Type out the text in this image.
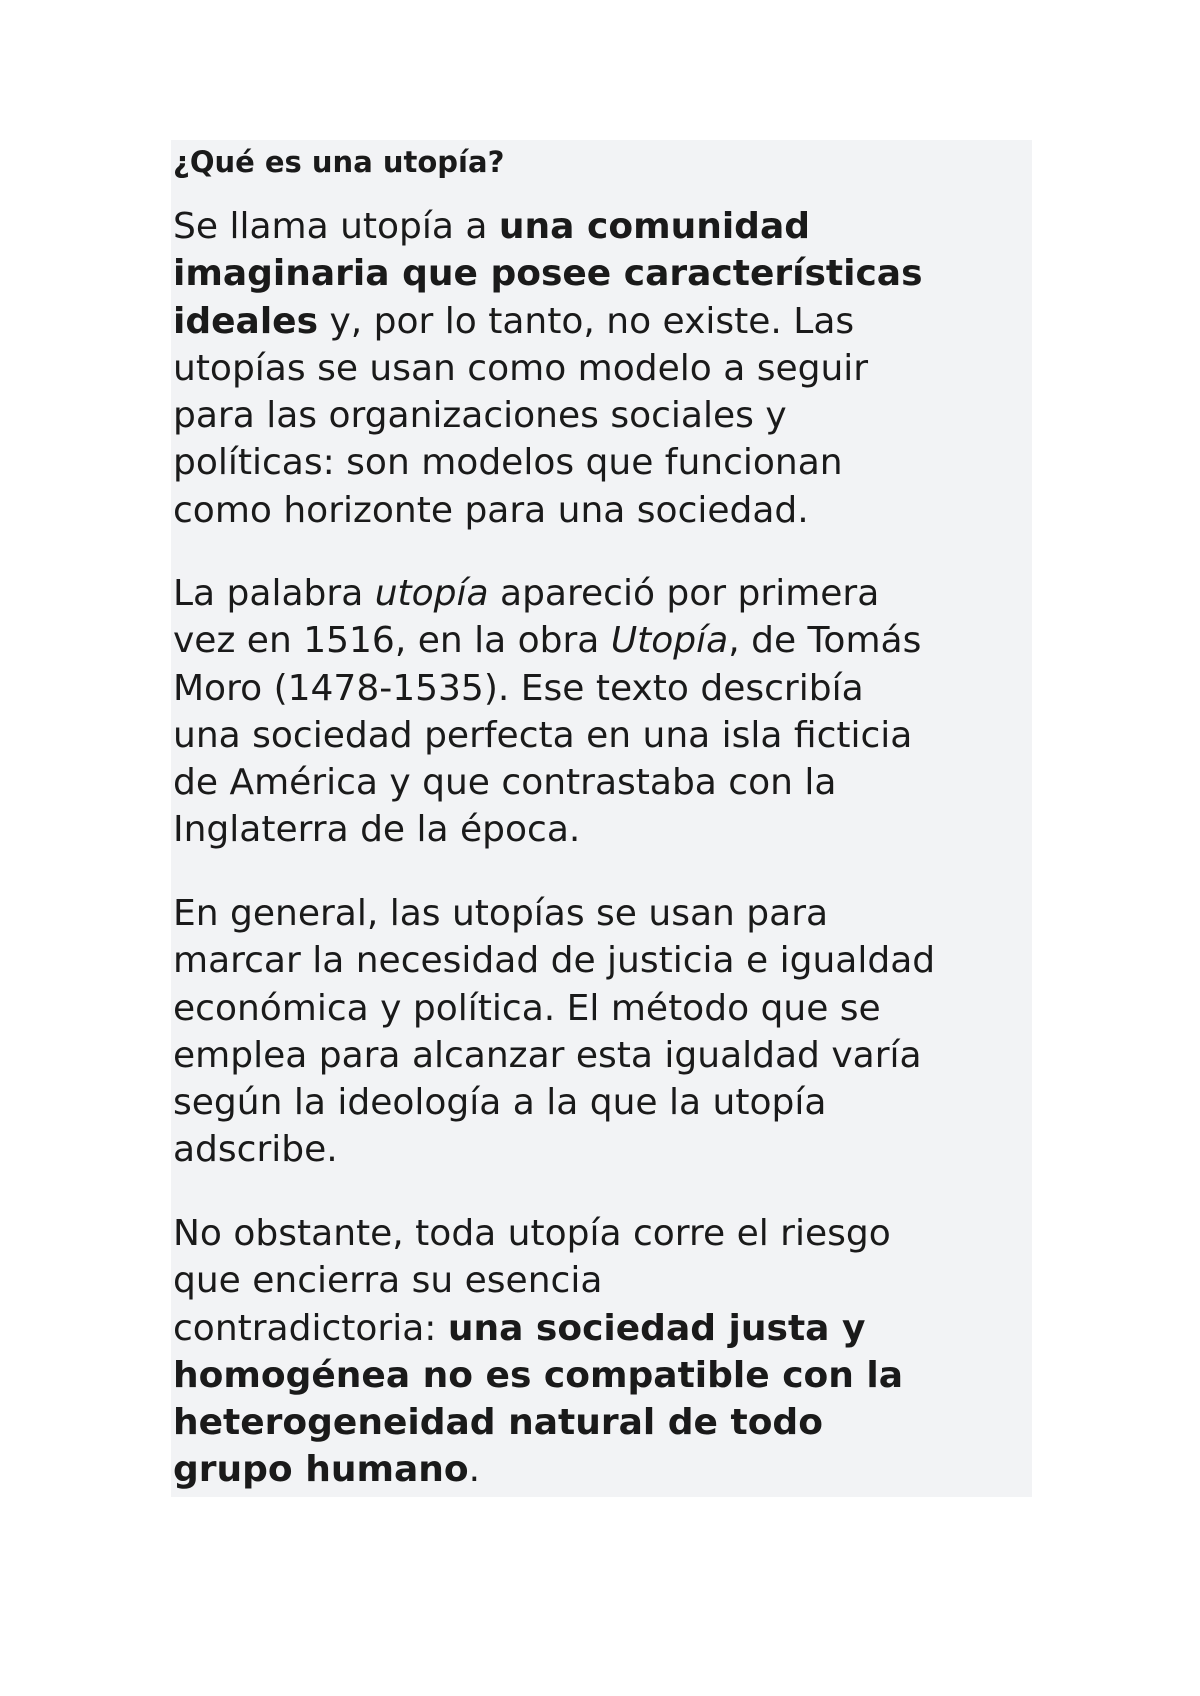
¿Qué es una utopía?

Se llama utopía a una comunidad
imaginaria que posee características
ideales y, por lo tanto, no existe. Las
utopías se usan como modelo a seguir
para las organizaciones sociales y
políticas: son modelos que funcionan
como horizonte para una sociedad.

La palabra utopía apareció por primera
vez en 1516, en la obra Utopía, de Tomás
Moro (1478-1535). Ese texto describía
una sociedad perfecta en una isla ficticia
de América y que contrastaba con la
Inglaterra de la época.

En general, las utopías se usan para
marcar la necesidad de justicia e igualdad
económica y política. El método que se
emplea para alcanzar esta igualdad varía
según la ideología a la que la utopía
adscribe.

No obstante, toda utopía corre el riesgo
que encierra su esencia
contradictoria: una sociedad justa y
homogénea no es compatible con la
heterogeneidad natural de todo
grupo humano.
